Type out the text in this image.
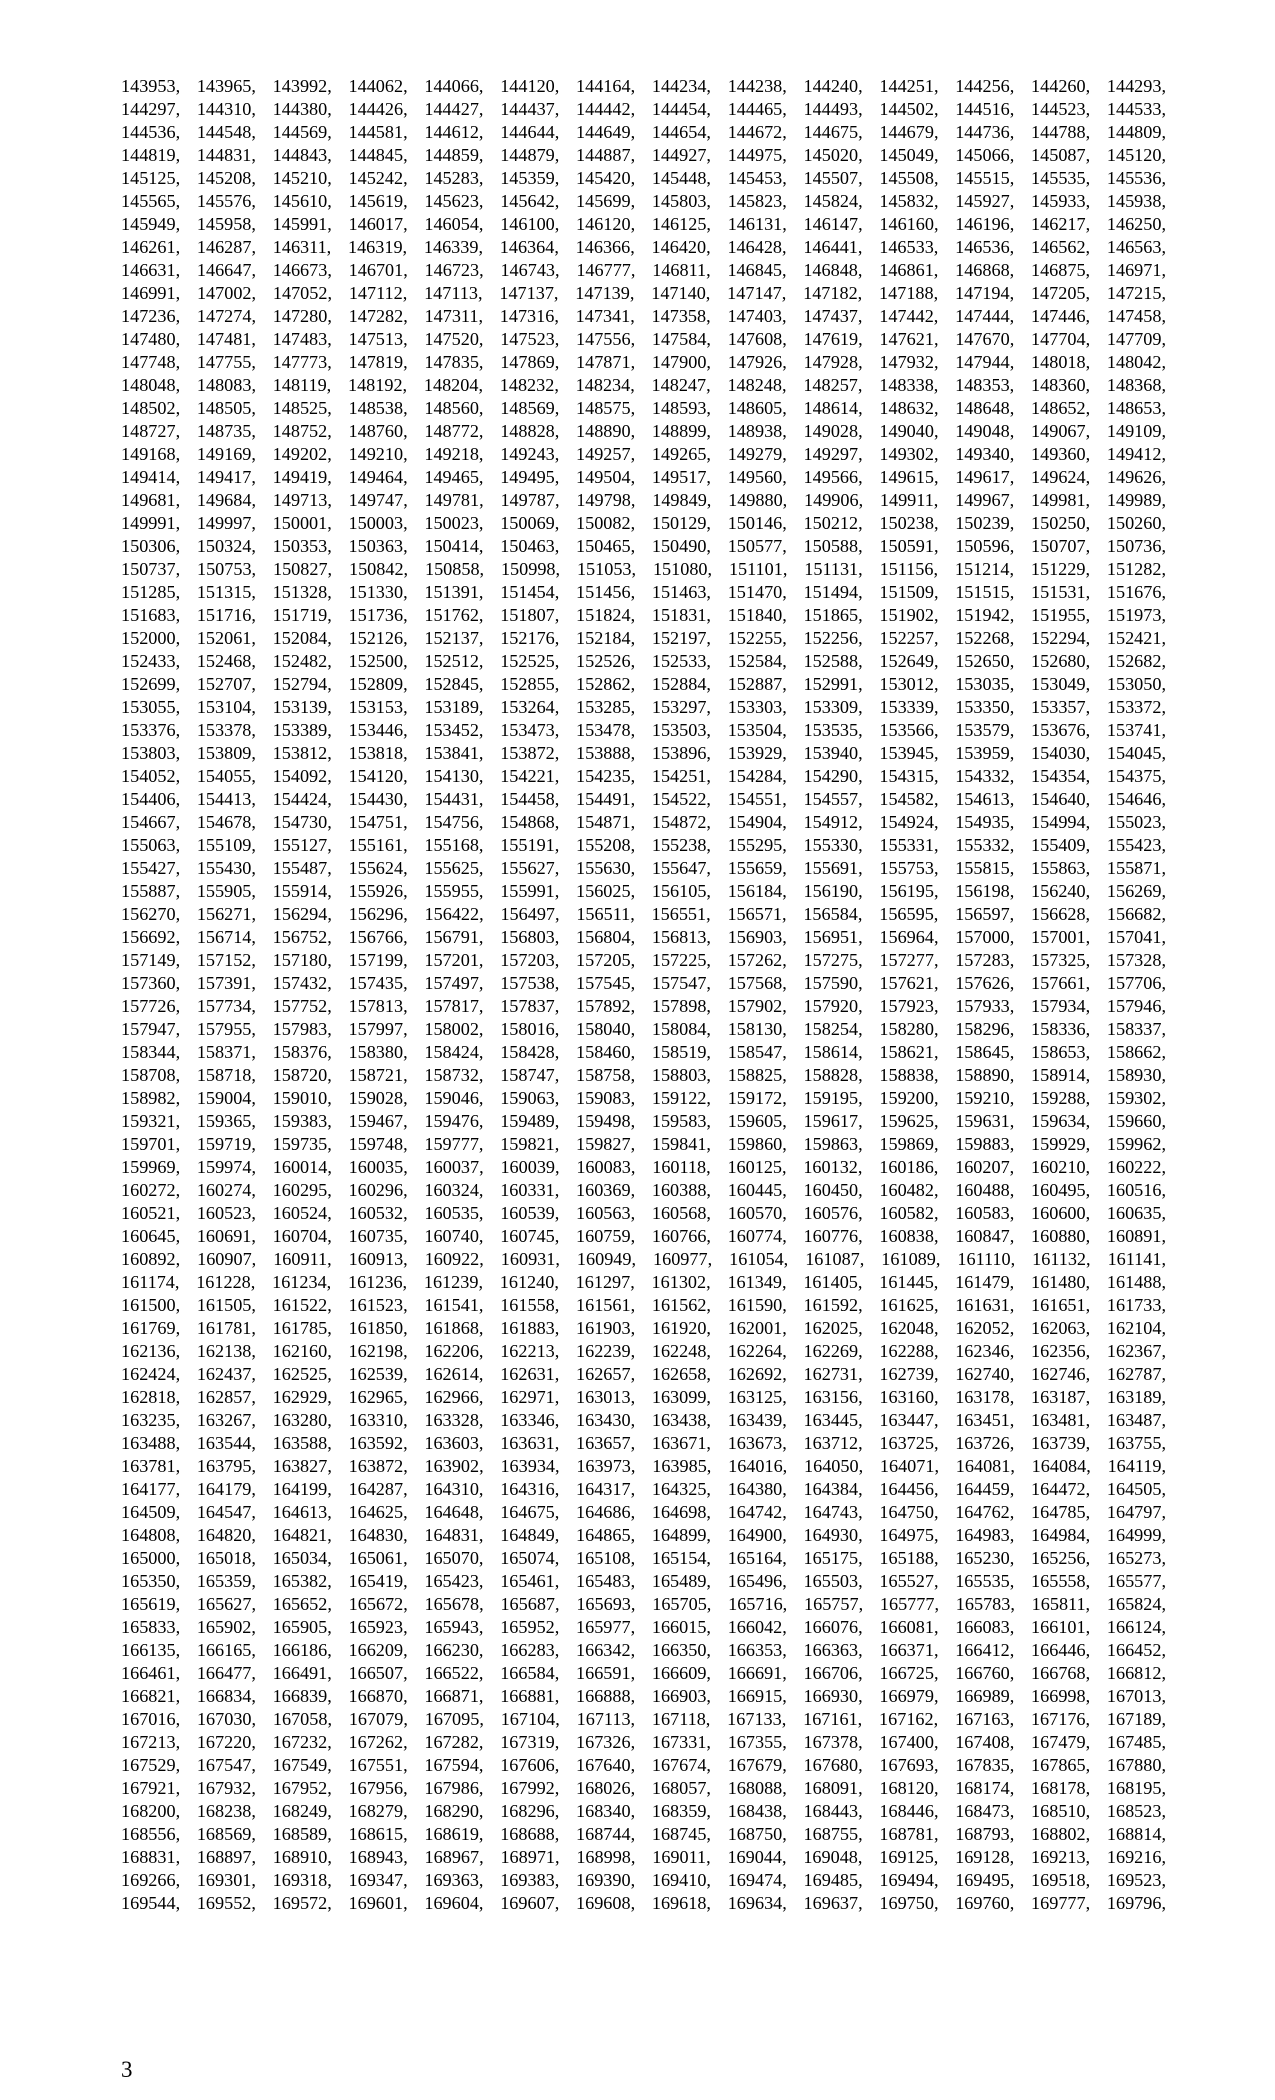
143953, 143965, 143992, 144062, 144066, 144120, 144164, 144234, 144238, 144240, 144251, 144256, 144260, 144293,
144297, 144310, 144380, 144426, 144427, 144437, 144442, 144454, 144465, 144493, 144502, 144516, 144523, 144533,
144536, 144548, 144569, 144581, 144612, 144644, 144649, 144654, 144672, 144675, 144679, 144736, 144788, 144809,
144819, 144831, 144843, 144845, 144859, 144879, 144887, 144927, 144975, 145020, 145049, 145066, 145087, 145120,
145125, 145208, 145210, 145242, 145283, 145359, 145420, 145448, 145453, 145507, 145508, 145515, 145535, 145536,
145565, 145576, 145610, 145619, 145623, 145642, 145699, 145803, 145823, 145824, 145832, 145927, 145933, 145938,
145949, 145958, 145991, 146017, 146054, 146100, 146120, 146125, 146131, 146147, 146160, 146196, 146217, 146250,
146261, 146287, 146311, 146319, 146339, 146364, 146366, 146420, 146428, 146441, 146533, 146536, 146562, 146563,
146631, 146647, 146673, 146701, 146723, 146743, 146777, 146811, 146845, 146848, 146861, 146868, 146875, 146971,
146991, 147002, 147052, 147112, 147113, 147137, 147139, 147140, 147147, 147182, 147188, 147194, 147205, 147215,
147236, 147274, 147280, 147282, 147311, 147316, 147341, 147358, 147403, 147437, 147442, 147444, 147446, 147458,
147480, 147481, 147483, 147513, 147520, 147523, 147556, 147584, 147608, 147619, 147621, 147670, 147704, 147709,
147748, 147755, 147773, 147819, 147835, 147869, 147871, 147900, 147926, 147928, 147932, 147944, 148018, 148042,
148048, 148083, 148119, 148192, 148204, 148232, 148234, 148247, 148248, 148257, 148338, 148353, 148360, 148368,
148502, 148505, 148525, 148538, 148560, 148569, 148575, 148593, 148605, 148614, 148632, 148648, 148652, 148653,
148727, 148735, 148752, 148760, 148772, 148828, 148890, 148899, 148938, 149028, 149040, 149048, 149067, 149109,
149168, 149169, 149202, 149210, 149218, 149243, 149257, 149265, 149279, 149297, 149302, 149340, 149360, 149412,
149414, 149417, 149419, 149464, 149465, 149495, 149504, 149517, 149560, 149566, 149615, 149617, 149624, 149626,
149681, 149684, 149713, 149747, 149781, 149787, 149798, 149849, 149880, 149906, 149911, 149967, 149981, 149989,
149991, 149997, 150001, 150003, 150023, 150069, 150082, 150129, 150146, 150212, 150238, 150239, 150250, 150260,
150306, 150324, 150353, 150363, 150414, 150463, 150465, 150490, 150577, 150588, 150591, 150596, 150707, 150736,
150737, 150753, 150827, 150842, 150858, 150998, 151053, 151080, 151101, 151131, 151156, 151214, 151229, 151282,
151285, 151315, 151328, 151330, 151391, 151454, 151456, 151463, 151470, 151494, 151509, 151515, 151531, 151676,
151683, 151716, 151719, 151736, 151762, 151807, 151824, 151831, 151840, 151865, 151902, 151942, 151955, 151973,
152000, 152061, 152084, 152126, 152137, 152176, 152184, 152197, 152255, 152256, 152257, 152268, 152294, 152421,
152433, 152468, 152482, 152500, 152512, 152525, 152526, 152533, 152584, 152588, 152649, 152650, 152680, 152682,
152699, 152707, 152794, 152809, 152845, 152855, 152862, 152884, 152887, 152991, 153012, 153035, 153049, 153050,
153055, 153104, 153139, 153153, 153189, 153264, 153285, 153297, 153303, 153309, 153339, 153350, 153357, 153372,
153376, 153378, 153389, 153446, 153452, 153473, 153478, 153503, 153504, 153535, 153566, 153579, 153676, 153741,
153803, 153809, 153812, 153818, 153841, 153872, 153888, 153896, 153929, 153940, 153945, 153959, 154030, 154045,
154052, 154055, 154092, 154120, 154130, 154221, 154235, 154251, 154284, 154290, 154315, 154332, 154354, 154375,
154406, 154413, 154424, 154430, 154431, 154458, 154491, 154522, 154551, 154557, 154582, 154613, 154640, 154646,
154667, 154678, 154730, 154751, 154756, 154868, 154871, 154872, 154904, 154912, 154924, 154935, 154994, 155023,
155063, 155109, 155127, 155161, 155168, 155191, 155208, 155238, 155295, 155330, 155331, 155332, 155409, 155423,
155427, 155430, 155487, 155624, 155625, 155627, 155630, 155647, 155659, 155691, 155753, 155815, 155863, 155871,
155887, 155905, 155914, 155926, 155955, 155991, 156025, 156105, 156184, 156190, 156195, 156198, 156240, 156269,
156270, 156271, 156294, 156296, 156422, 156497, 156511, 156551, 156571, 156584, 156595, 156597, 156628, 156682,
156692, 156714, 156752, 156766, 156791, 156803, 156804, 156813, 156903, 156951, 156964, 157000, 157001, 157041,
157149, 157152, 157180, 157199, 157201, 157203, 157205, 157225, 157262, 157275, 157277, 157283, 157325, 157328,
157360, 157391, 157432, 157435, 157497, 157538, 157545, 157547, 157568, 157590, 157621, 157626, 157661, 157706,
157726, 157734, 157752, 157813, 157817, 157837, 157892, 157898, 157902, 157920, 157923, 157933, 157934, 157946,
157947, 157955, 157983, 157997, 158002, 158016, 158040, 158084, 158130, 158254, 158280, 158296, 158336, 158337,
158344, 158371, 158376, 158380, 158424, 158428, 158460, 158519, 158547, 158614, 158621, 158645, 158653, 158662,
158708, 158718, 158720, 158721, 158732, 158747, 158758, 158803, 158825, 158828, 158838, 158890, 158914, 158930,
158982, 159004, 159010, 159028, 159046, 159063, 159083, 159122, 159172, 159195, 159200, 159210, 159288, 159302,
159321, 159365, 159383, 159467, 159476, 159489, 159498, 159583, 159605, 159617, 159625, 159631, 159634, 159660,
159701, 159719, 159735, 159748, 159777, 159821, 159827, 159841, 159860, 159863, 159869, 159883, 159929, 159962,
159969, 159974, 160014, 160035, 160037, 160039, 160083, 160118, 160125, 160132, 160186, 160207, 160210, 160222,
160272, 160274, 160295, 160296, 160324, 160331, 160369, 160388, 160445, 160450, 160482, 160488, 160495, 160516,
160521, 160523, 160524, 160532, 160535, 160539, 160563, 160568, 160570, 160576, 160582, 160583, 160600, 160635,
160645, 160691, 160704, 160735, 160740, 160745, 160759, 160766, 160774, 160776, 160838, 160847, 160880, 160891,
160892, 160907, 160911, 160913, 160922, 160931, 160949, 160977, 161054, 161087, 161089, 161110, 161132, 161141,
161174, 161228, 161234, 161236, 161239, 161240, 161297, 161302, 161349, 161405, 161445, 161479, 161480, 161488,
161500, 161505, 161522, 161523, 161541, 161558, 161561, 161562, 161590, 161592, 161625, 161631, 161651, 161733,
161769, 161781, 161785, 161850, 161868, 161883, 161903, 161920, 162001, 162025, 162048, 162052, 162063, 162104,
162136, 162138, 162160, 162198, 162206, 162213, 162239, 162248, 162264, 162269, 162288, 162346, 162356, 162367,
162424, 162437, 162525, 162539, 162614, 162631, 162657, 162658, 162692, 162731, 162739, 162740, 162746, 162787,
162818, 162857, 162929, 162965, 162966, 162971, 163013, 163099, 163125, 163156, 163160, 163178, 163187, 163189,
163235, 163267, 163280, 163310, 163328, 163346, 163430, 163438, 163439, 163445, 163447, 163451, 163481, 163487,
163488, 163544, 163588, 163592, 163603, 163631, 163657, 163671, 163673, 163712, 163725, 163726, 163739, 163755,
163781, 163795, 163827, 163872, 163902, 163934, 163973, 163985, 164016, 164050, 164071, 164081, 164084, 164119,
164177, 164179, 164199, 164287, 164310, 164316, 164317, 164325, 164380, 164384, 164456, 164459, 164472, 164505,
164509, 164547, 164613, 164625, 164648, 164675, 164686, 164698, 164742, 164743, 164750, 164762, 164785, 164797,
164808, 164820, 164821, 164830, 164831, 164849, 164865, 164899, 164900, 164930, 164975, 164983, 164984, 164999,
165000, 165018, 165034, 165061, 165070, 165074, 165108, 165154, 165164, 165175, 165188, 165230, 165256, 165273,
165350, 165359, 165382, 165419, 165423, 165461, 165483, 165489, 165496, 165503, 165527, 165535, 165558, 165577,
165619, 165627, 165652, 165672, 165678, 165687, 165693, 165705, 165716, 165757, 165777, 165783, 165811, 165824,
165833, 165902, 165905, 165923, 165943, 165952, 165977, 166015, 166042, 166076, 166081, 166083, 166101, 166124,
166135, 166165, 166186, 166209, 166230, 166283, 166342, 166350, 166353, 166363, 166371, 166412, 166446, 166452,
166461, 166477, 166491, 166507, 166522, 166584, 166591, 166609, 166691, 166706, 166725, 166760, 166768, 166812,
166821, 166834, 166839, 166870, 166871, 166881, 166888, 166903, 166915, 166930, 166979, 166989, 166998, 167013,
167016, 167030, 167058, 167079, 167095, 167104, 167113, 167118, 167133, 167161, 167162, 167163, 167176, 167189,
167213, 167220, 167232, 167262, 167282, 167319, 167326, 167331, 167355, 167378, 167400, 167408, 167479, 167485,
167529, 167547, 167549, 167551, 167594, 167606, 167640, 167674, 167679, 167680, 167693, 167835, 167865, 167880,
167921, 167932, 167952, 167956, 167986, 167992, 168026, 168057, 168088, 168091, 168120, 168174, 168178, 168195,
168200, 168238, 168249, 168279, 168290, 168296, 168340, 168359, 168438, 168443, 168446, 168473, 168510, 168523,
168556, 168569, 168589, 168615, 168619, 168688, 168744, 168745, 168750, 168755, 168781, 168793, 168802, 168814,
168831, 168897, 168910, 168943, 168967, 168971, 168998, 169011, 169044, 169048, 169125, 169128, 169213, 169216,
169266, 169301, 169318, 169347, 169363, 169383, 169390, 169410, 169474, 169485, 169494, 169495, 169518, 169523,
169544, 169552, 169572, 169601, 169604, 169607, 169608, 169618, 169634, 169637, 169750, 169760, 169777, 169796,
3
